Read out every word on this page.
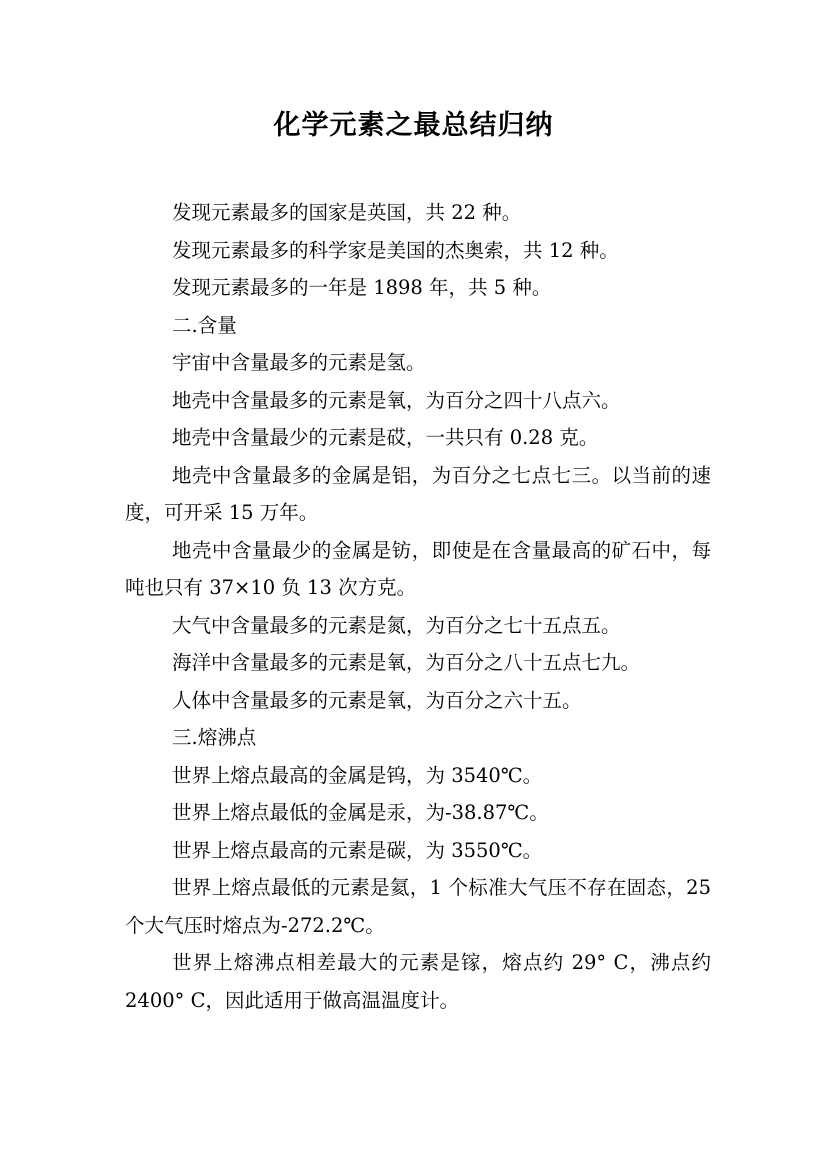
化学元素之最总结归纳

发现元素最多的国家是英国，共 22 种。

发现元素最多的科学家是美国的杰奥索，共 12 种。

发现元素最多的一年是 1898 年，共 5 种。

二.含量

宇宙中含量最多的元素是氢。

地壳中含量最多的元素是氧，为百分之四十八点六。

地壳中含量最少的元素是砹，一共只有 0.28 克。

地壳中含量最多的金属是铝，为百分之七点七三。以当前的速度，可开采 15 万年。

地壳中含量最少的金属是钫，即使是在含量最高的矿石中，每吨也只有 37×10 负 13 次方克。

大气中含量最多的元素是氮，为百分之七十五点五。

海洋中含量最多的元素是氧，为百分之八十五点七九。

人体中含量最多的元素是氧，为百分之六十五。

三.熔沸点

世界上熔点最高的金属是钨，为 3540℃。

世界上熔点最低的金属是汞，为-38.87℃。

世界上熔点最高的元素是碳，为 3550℃。

世界上熔点最低的元素是氦，1 个标准大气压不存在固态，25 个大气压时熔点为-272.2℃。

世界上熔沸点相差最大的元素是镓，熔点约 29° C，沸点约 2400° C，因此适用于做高温温度计。
